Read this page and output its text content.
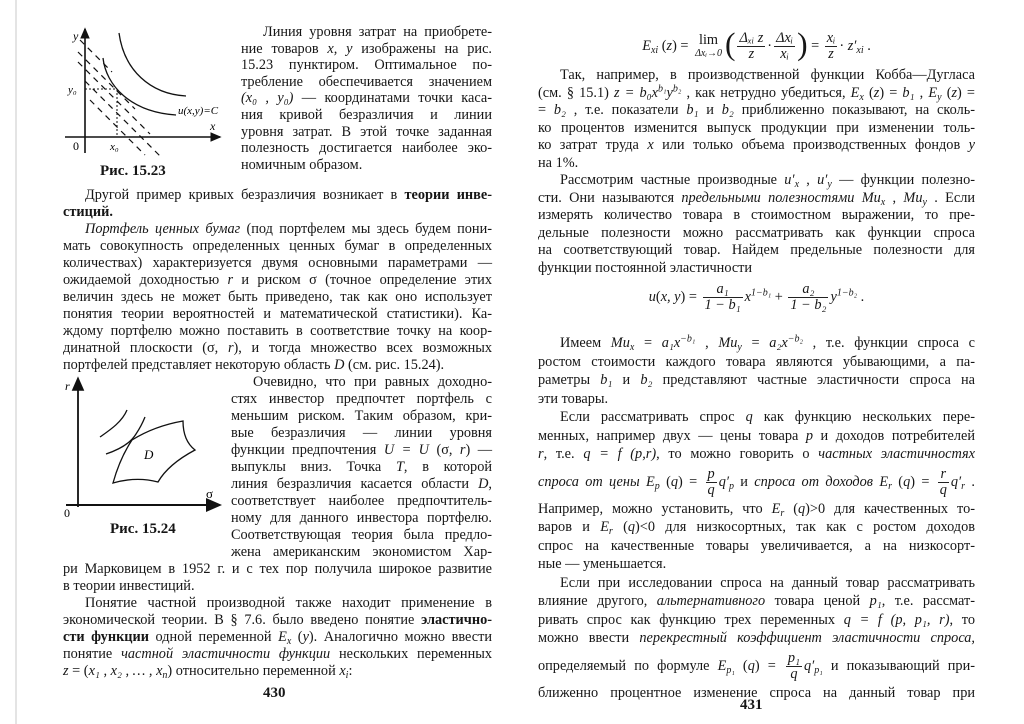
y
x
0
y₀
x₀
u(x,y)=C
Рис. 15.23
r
σ
0
D
Рис. 15.24
Линия уровня затрат на приобрете-
ние товаров x, y изображены на рис.
15.23 пунктиром. Оптимальное по-
требление обеспечивается значением
(x₀ , y₀) — координатами точки каса-
ния кривой безразличия и линии
уровня затрат. В этой точке заданная
полезность достигается наиболее эко-
номичным образом.
Другой пример кривых безразличия возникает в теории инве-
стиций.
Портфель ценных бумаг (под портфелем мы здесь будем пони-
мать совокупность определенных ценных бумаг в определенных
количествах) характеризуется двумя основными параметрами —
ожидаемой доходностью r и риском σ (точное определение этих
величин здесь не может быть приведено, так как оно использует
понятия теории вероятностей и математической статистики). Ка-
ждому портфелю можно поставить в соответствие точку на коор-
динатной плоскости (σ, r), и тогда множество всех возможных
портфелей представляет некоторую область D (см. рис. 15.24).
Очевидно, что при равных доходно-
стях инвестор предпочтет портфель с
меньшим риском. Таким образом, кри-
вые безразличия — линии уровня
функции предпочтения U = U (σ, r) —
выпуклы вниз. Точка T, в которой
линия безразличия касается области D,
соответствует наиболее предпочтитель-
ному для данного инвестора портфелю.
Соответствующая теория была предло-
жена американским экономистом Хар-
ри Марковицем в 1952 г. и с тех пор получила широкое развитие
в теории инвестиций.
Понятие частной производной также находит применение в
экономической теории. В § 7.6. было введено понятие эластично-
сти функции одной переменной $E_x$ (y). Аналогично можно ввести
понятие частной эластичности функции нескольких переменных
z = (x₁ , x₂ , … , $x_n$) относительно переменной $x_i$:
430
$E_{xi}$ (z) = lim
Δxᵢ→0 ( $\frac{\text{Δₓᵢ z}}{z} \cdot \frac{\text{Δxᵢ}}{\text{xᵢ}}$ ) = $\frac{\text{xᵢ}}{z} \cdot z'_{xi}$ .
Так, например, в производственной функции Кобба—Дугласа
(см. § 15.1) $z = b_0x^{b_1}y^{b_2}$ , как нетрудно убедиться, $E_x$ (z) = b₁ , $E_y$ (z) =
= b₂ , т.е. показатели b₁ и b₂ приближенно показывают, на сколь-
ко процентов изменится выпуск продукции при изменении толь-
ко затрат труда x или только объема производственных фондов y
на 1%.
Рассмотрим частные производные $u'_x$ , $u'_y$ — функции полезно-
сти. Они называются предельными полезностями $Mu_x$ , $Mu_y$ . Если
измерять количество товара в стоимостном выражении, то пре-
дельные полезности можно рассматривать как функции спроса
на соответствующий товар. Найдем предельные полезности для
функции постоянной эластичности
u(x, $y) = \frac{\text{a₁}}{\text{1 − b₁}} x^{1-b_1} + \frac{\text{a₂}}{\text{1 − b₂}} y^{1-b_2}$ .
Имеем $Mu_x = a_1x^{-b_1}$ , $Mu_y = a_2x^{-b_2}$ , т.е. функции спроса с
ростом стоимости каждого товара являются убывающими, а па-
раметры b₁ и b₂ представляют частные эластичности спроса на
эти товары.
Если рассматривать спрос q как функцию нескольких пере-
менных, например двух — цены товара p и доходов потребителей
r, т.е. q = f (p,r), то можно говорить о частных эластичностях
спроса от цены $E_p$ $(q) = \frac{p}{q} q'_p$ и спроса от доходов $E_r$ $(q) = \frac{r}{q} q'_r$ .
Например, можно установить, что $E_r$ (q)>0 для качественных то-
варов и $E_r$ (q)<0 для низкосортных, так как с ростом доходов
спрос на качественные товары увеличивается, а на низкосорт-
ные — уменьшается.
Если при исследовании спроса на данный товар рассматривать
влияние другого, альтернативного товара ценой p₁, т.е. рассмат-
ривать спрос как функцию трех переменных q = f (p, p₁, r), то
можно ввести перекрестный коэффициент эластичности спроса,
определяемый по формуле $E_{p_1}$ $(q) = \frac{\text{p₁}}{q} q'_{p_1}$ и показывающий при-
ближенно процентное изменение спроса на данный товар при
431
